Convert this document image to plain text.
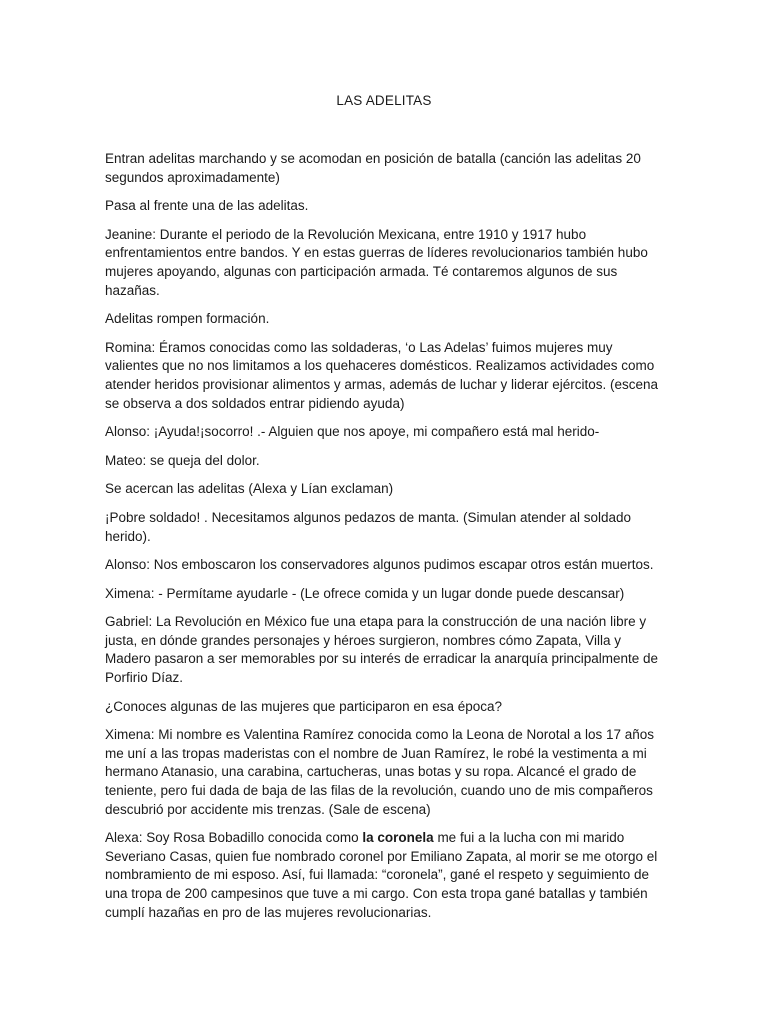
LAS ADELITAS

Entran adelitas marchando y se acomodan en posición de batalla (canción las adelitas 20 segundos aproximadamente)

Pasa al frente una de las adelitas.

Jeanine: Durante el periodo de la Revolución Mexicana, entre 1910 y 1917 hubo enfrentamientos entre bandos. Y en estas guerras de líderes revolucionarios también hubo mujeres apoyando, algunas con participación armada. Té contaremos algunos de sus hazañas.

Adelitas rompen formación.

Romina: Éramos conocidas como las soldaderas, ‘o Las Adelas’ fuimos mujeres muy valientes que no nos limitamos a los quehaceres domésticos. Realizamos actividades como atender heridos provisionar alimentos y armas, además de luchar y liderar ejércitos. (escena se observa a dos soldados entrar pidiendo ayuda)

Alonso: ¡Ayuda!¡socorro! .- Alguien que nos apoye, mi compañero está mal herido-

Mateo: se queja del dolor.

Se acercan las adelitas (Alexa y Lían exclaman)

¡Pobre soldado! . Necesitamos algunos pedazos de manta. (Simulan atender al soldado herido).

Alonso: Nos emboscaron los conservadores algunos pudimos escapar otros están muertos.

Ximena: - Permítame ayudarle - (Le ofrece comida y un lugar donde puede descansar)

Gabriel: La Revolución en México fue una etapa para la construcción de una nación libre y justa, en dónde grandes personajes y héroes surgieron, nombres cómo Zapata, Villa y Madero pasaron a ser memorables por su interés de erradicar la anarquía principalmente de Porfirio Díaz.

¿Conoces algunas de las mujeres que participaron en esa época?

Ximena: Mi nombre es Valentina Ramírez conocida como la Leona de Norotal a los 17 años me uní a las tropas maderistas con el nombre de Juan Ramírez, le robé la vestimenta a mi hermano Atanasio, una carabina, cartucheras, unas botas y su ropa. Alcancé el grado de teniente, pero fui dada de baja de las filas de la revolución, cuando uno de mis compañeros descubrió por accidente mis trenzas. (Sale de escena)

Alexa: Soy Rosa Bobadillo conocida como la coronela me fui a la lucha con mi marido Severiano Casas, quien fue nombrado coronel por Emiliano Zapata, al morir se me otorgo el nombramiento de mi esposo. Así, fui llamada: “coronela”, gané el respeto y seguimiento de una tropa de 200 campesinos que tuve a mi cargo. Con esta tropa gané batallas y también cumplí hazañas en pro de las mujeres revolucionarias.
